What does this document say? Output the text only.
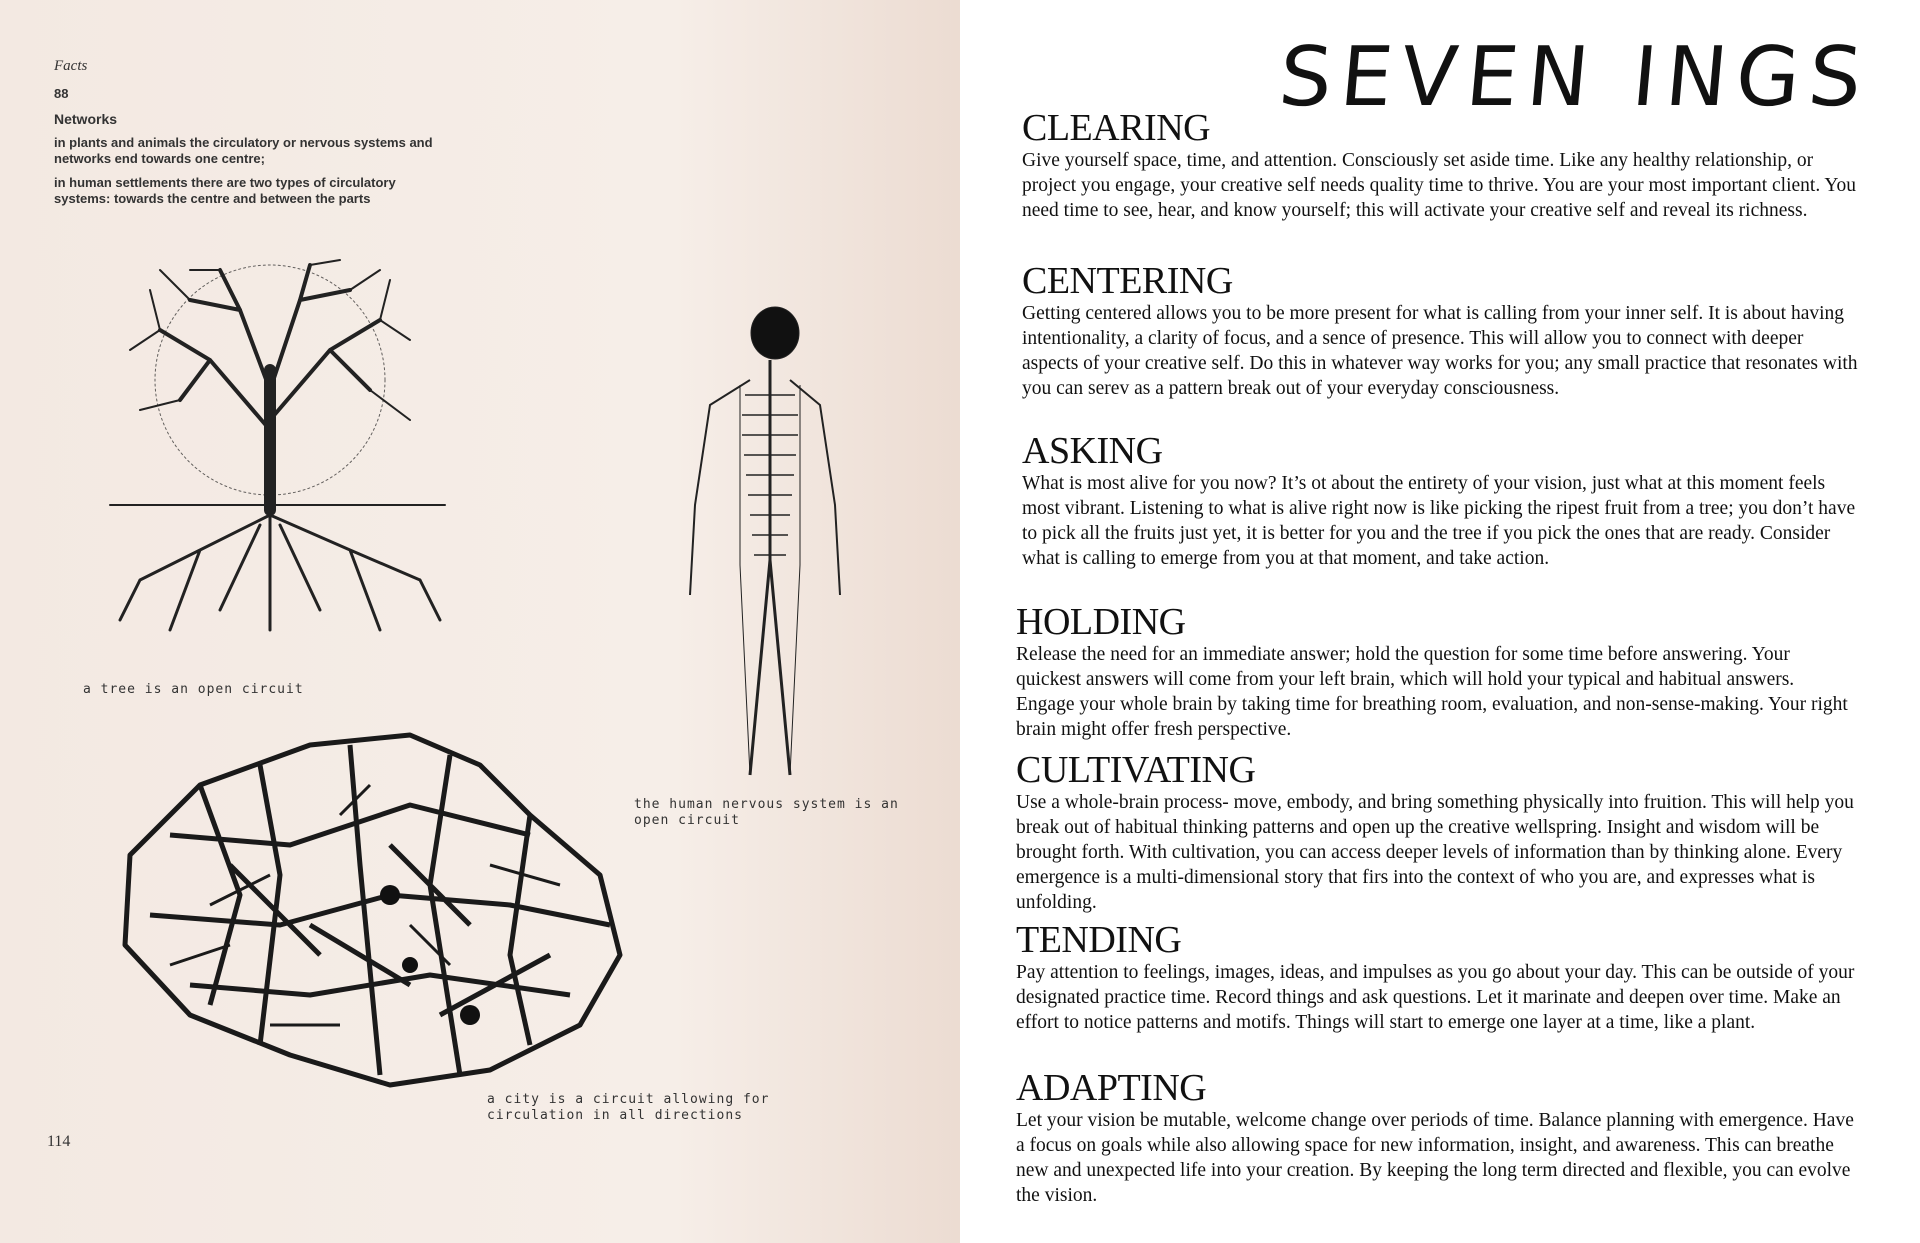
Facts
88
Networks
in plants and animals the circulatory or nervous systems and networks end towards one centre;
in human settlements there are two types of circulatory systems: towards the centre and between the parts
a tree is an open circuit
the human nervous system is an open circuit
a city is a circuit allowing for circulation in all directions
114
SEVEN INGS
CLEARING

Give yourself space, time, and attention. Consciously set aside time. Like any healthy relationship, or project you engage, your creative self needs quality time to thrive. You are your most important client. You need time to see, hear, and know yourself; this will activate your creative self and reveal its richness.

CENTERING

Getting centered allows you to be more present for what is calling from your inner self. It is about having intentionality, a clarity of focus, and a sence of presence. This will allow you to connect with deeper aspects of your creative self. Do this in whatever way works for you; any small practice that resonates with you can serev as a pattern break out of your everyday consciousness.

ASKING

What is most alive for you now? It’s ot about the entirety of your vision, just what at this moment feels most vibrant. Listening to what is alive right now is like picking the ripest fruit from a tree; you don’t have to pick all the fruits just yet, it is better for you and the tree if you pick the ones that are ready. Consider what is calling to emerge from you at that moment, and take action.

HOLDING

Release the need for an immediate answer; hold the question for some time before answering. Your quickest answers will come from your left brain, which will hold your typical and habitual answers. Engage your whole brain by taking time for breathing room, evaluation, and non-sense-making. Your right brain might offer fresh perspective.

CULTIVATING

Use a whole-brain process- move, embody, and bring something physically into fruition. This will help you break out of habitual thinking patterns and open up the creative wellspring. Insight and wisdom will be brought forth. With cultivation, you can access deeper levels of information than by thinking alone. Every emergence is a multi-dimensional story that firs into the context of who you are, and expresses what is unfolding.

TENDING

Pay attention to feelings, images, ideas, and impulses as you go about your day. This can be outside of your designated practice time. Record things and ask questions. Let it marinate and deepen over time. Make an effort to notice patterns and motifs. Things will start to emerge one layer at a time, like a plant.

ADAPTING

Let your vision be mutable, welcome change over periods of time. Balance planning with emergence. Have a focus on goals while also allowing space for new information, insight, and awareness. This can breathe new and unexpected life into your creation. By keeping the long term directed and flexible, you can evolve the vision.
